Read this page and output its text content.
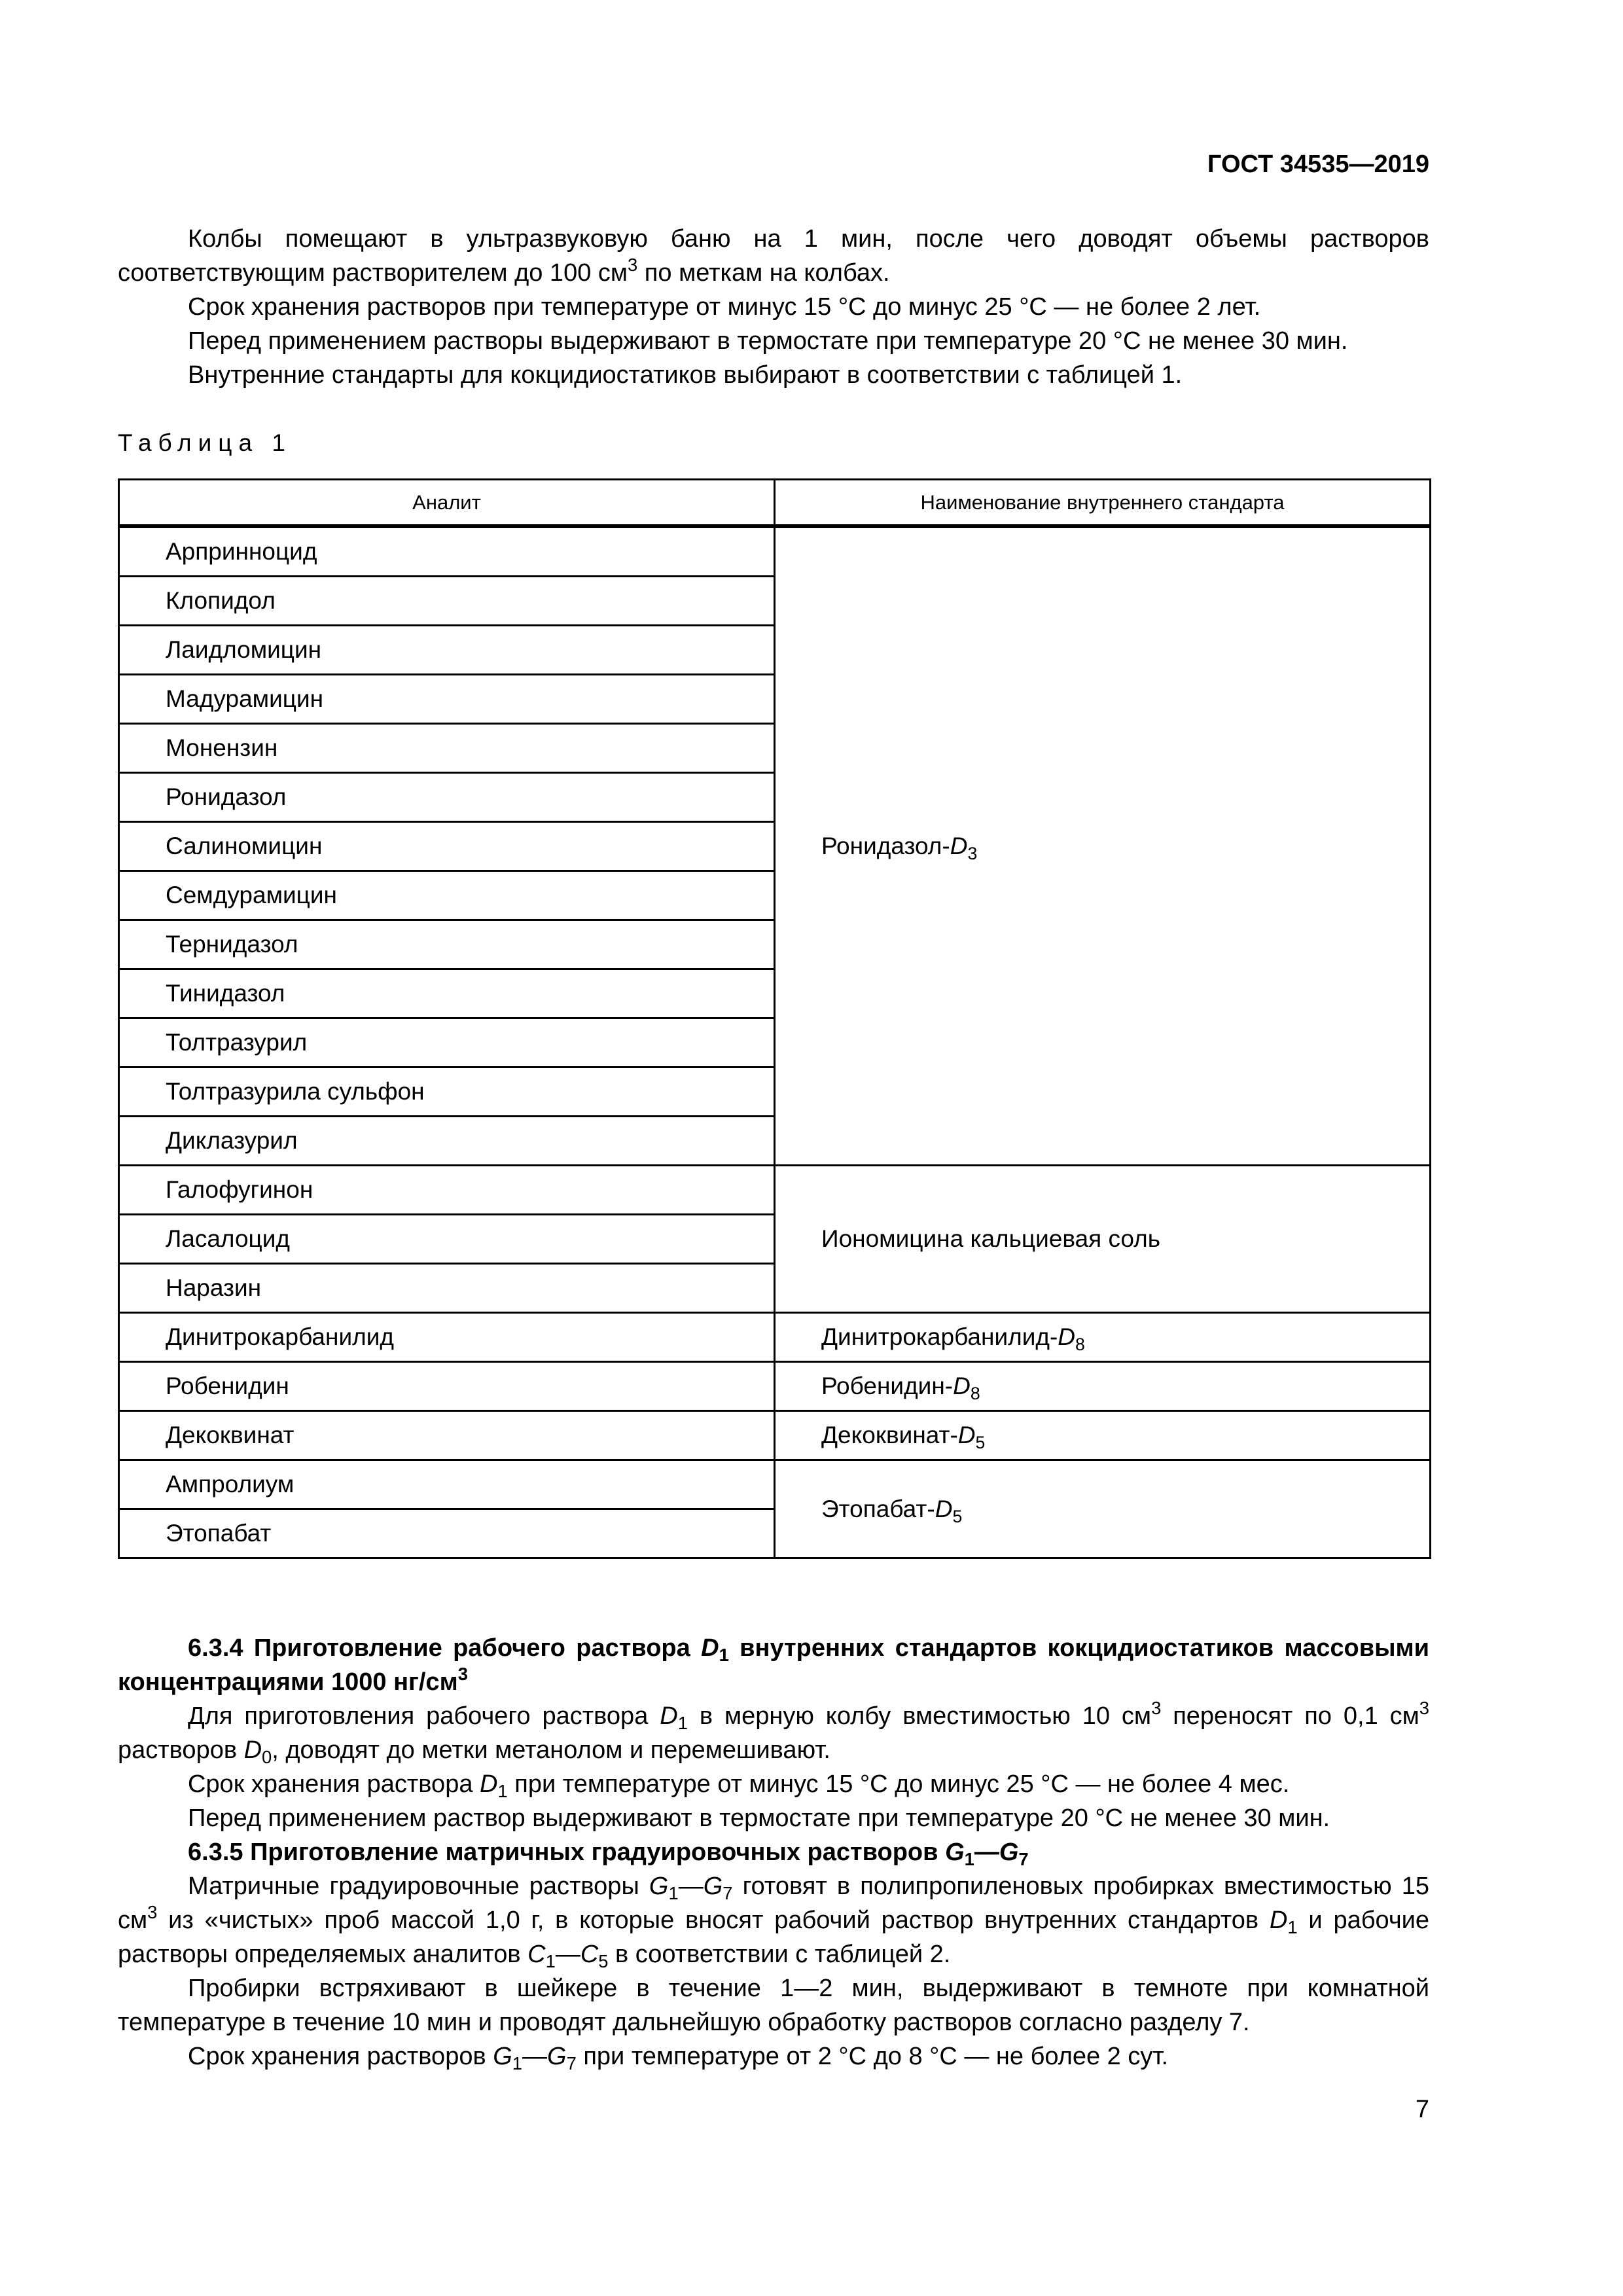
ГОСТ 34535—2019

Колбы помещают в ультразвуковую баню на 1 мин, после чего доводят объемы растворов соответствующим растворителем до 100 $см^3$ по меткам на колбах.

Срок хранения растворов при температуре от минус 15 °С до минус 25 °С — не более 2 лет.

Перед применением растворы выдерживают в термостате при температуре 20 °С не менее 30 мин.

Внутренние стандарты для кокцидиостатиков выбирают в соответствии с таблицей 1.

Таблица 1
Аналит	Наименование внутреннего стандарта
Арпринноцид	Ронидазол-$D_3$
Клопидол	
Лаидломицин	
Мадурамицин	
Монензин	
Ронидазол	
Салиномицин	
Семдурамицин	
Тернидазол	
Тинидазол	
Толтразурил	
Толтразурила сульфон	
Диклазурил	
Галофугинон	Иономицина кальциевая соль
Ласалоцид	
Наразин	
Динитрокарбанилид	Динитрокарбанилид-$D_8$
Робенидин	Робенидин-$D_8$
Декоквинат	Декоквинат-$D_5$
Ампролиум	Этопабат-$D_5$
Этопабат	

6.3.4 Приготовление рабочего раствора $D_1$ внутренних стандартов кокцидиостатиков массовыми концентрациями 1000 $нг/см^3$

Для приготовления рабочего раствора $D_1$ в мерную колбу вместимостью 10 $см^3$ переносят по 0,1 $см^3$ растворов $D_0$, доводят до метки метанолом и перемешивают.

Срок хранения раствора $D_1$ при температуре от минус 15 °С до минус 25 °С — не более 4 мес.

Перед применением раствор выдерживают в термостате при температуре 20 °С не менее 30 мин.

6.3.5 Приготовление матричных градуировочных растворов $G_1—G_7$

Матричные градуировочные растворы $G_1—G_7$ готовят в полипропиленовых пробирках вместимостью 15 $см^3$ из «чистых» проб массой 1,0 г, в которые вносят рабочий раствор внутренних стандартов $D_1$ и рабочие растворы определяемых аналитов $C_1—C_5$ в соответствии с таблицей 2.

Пробирки встряхивают в шейкере в течение 1—2 мин, выдерживают в темноте при комнатной температуре в течение 10 мин и проводят дальнейшую обработку растворов согласно разделу 7.

Срок хранения растворов $G_1—G_7$ при температуре от 2 °С до 8 °С — не более 2 сут.

7
